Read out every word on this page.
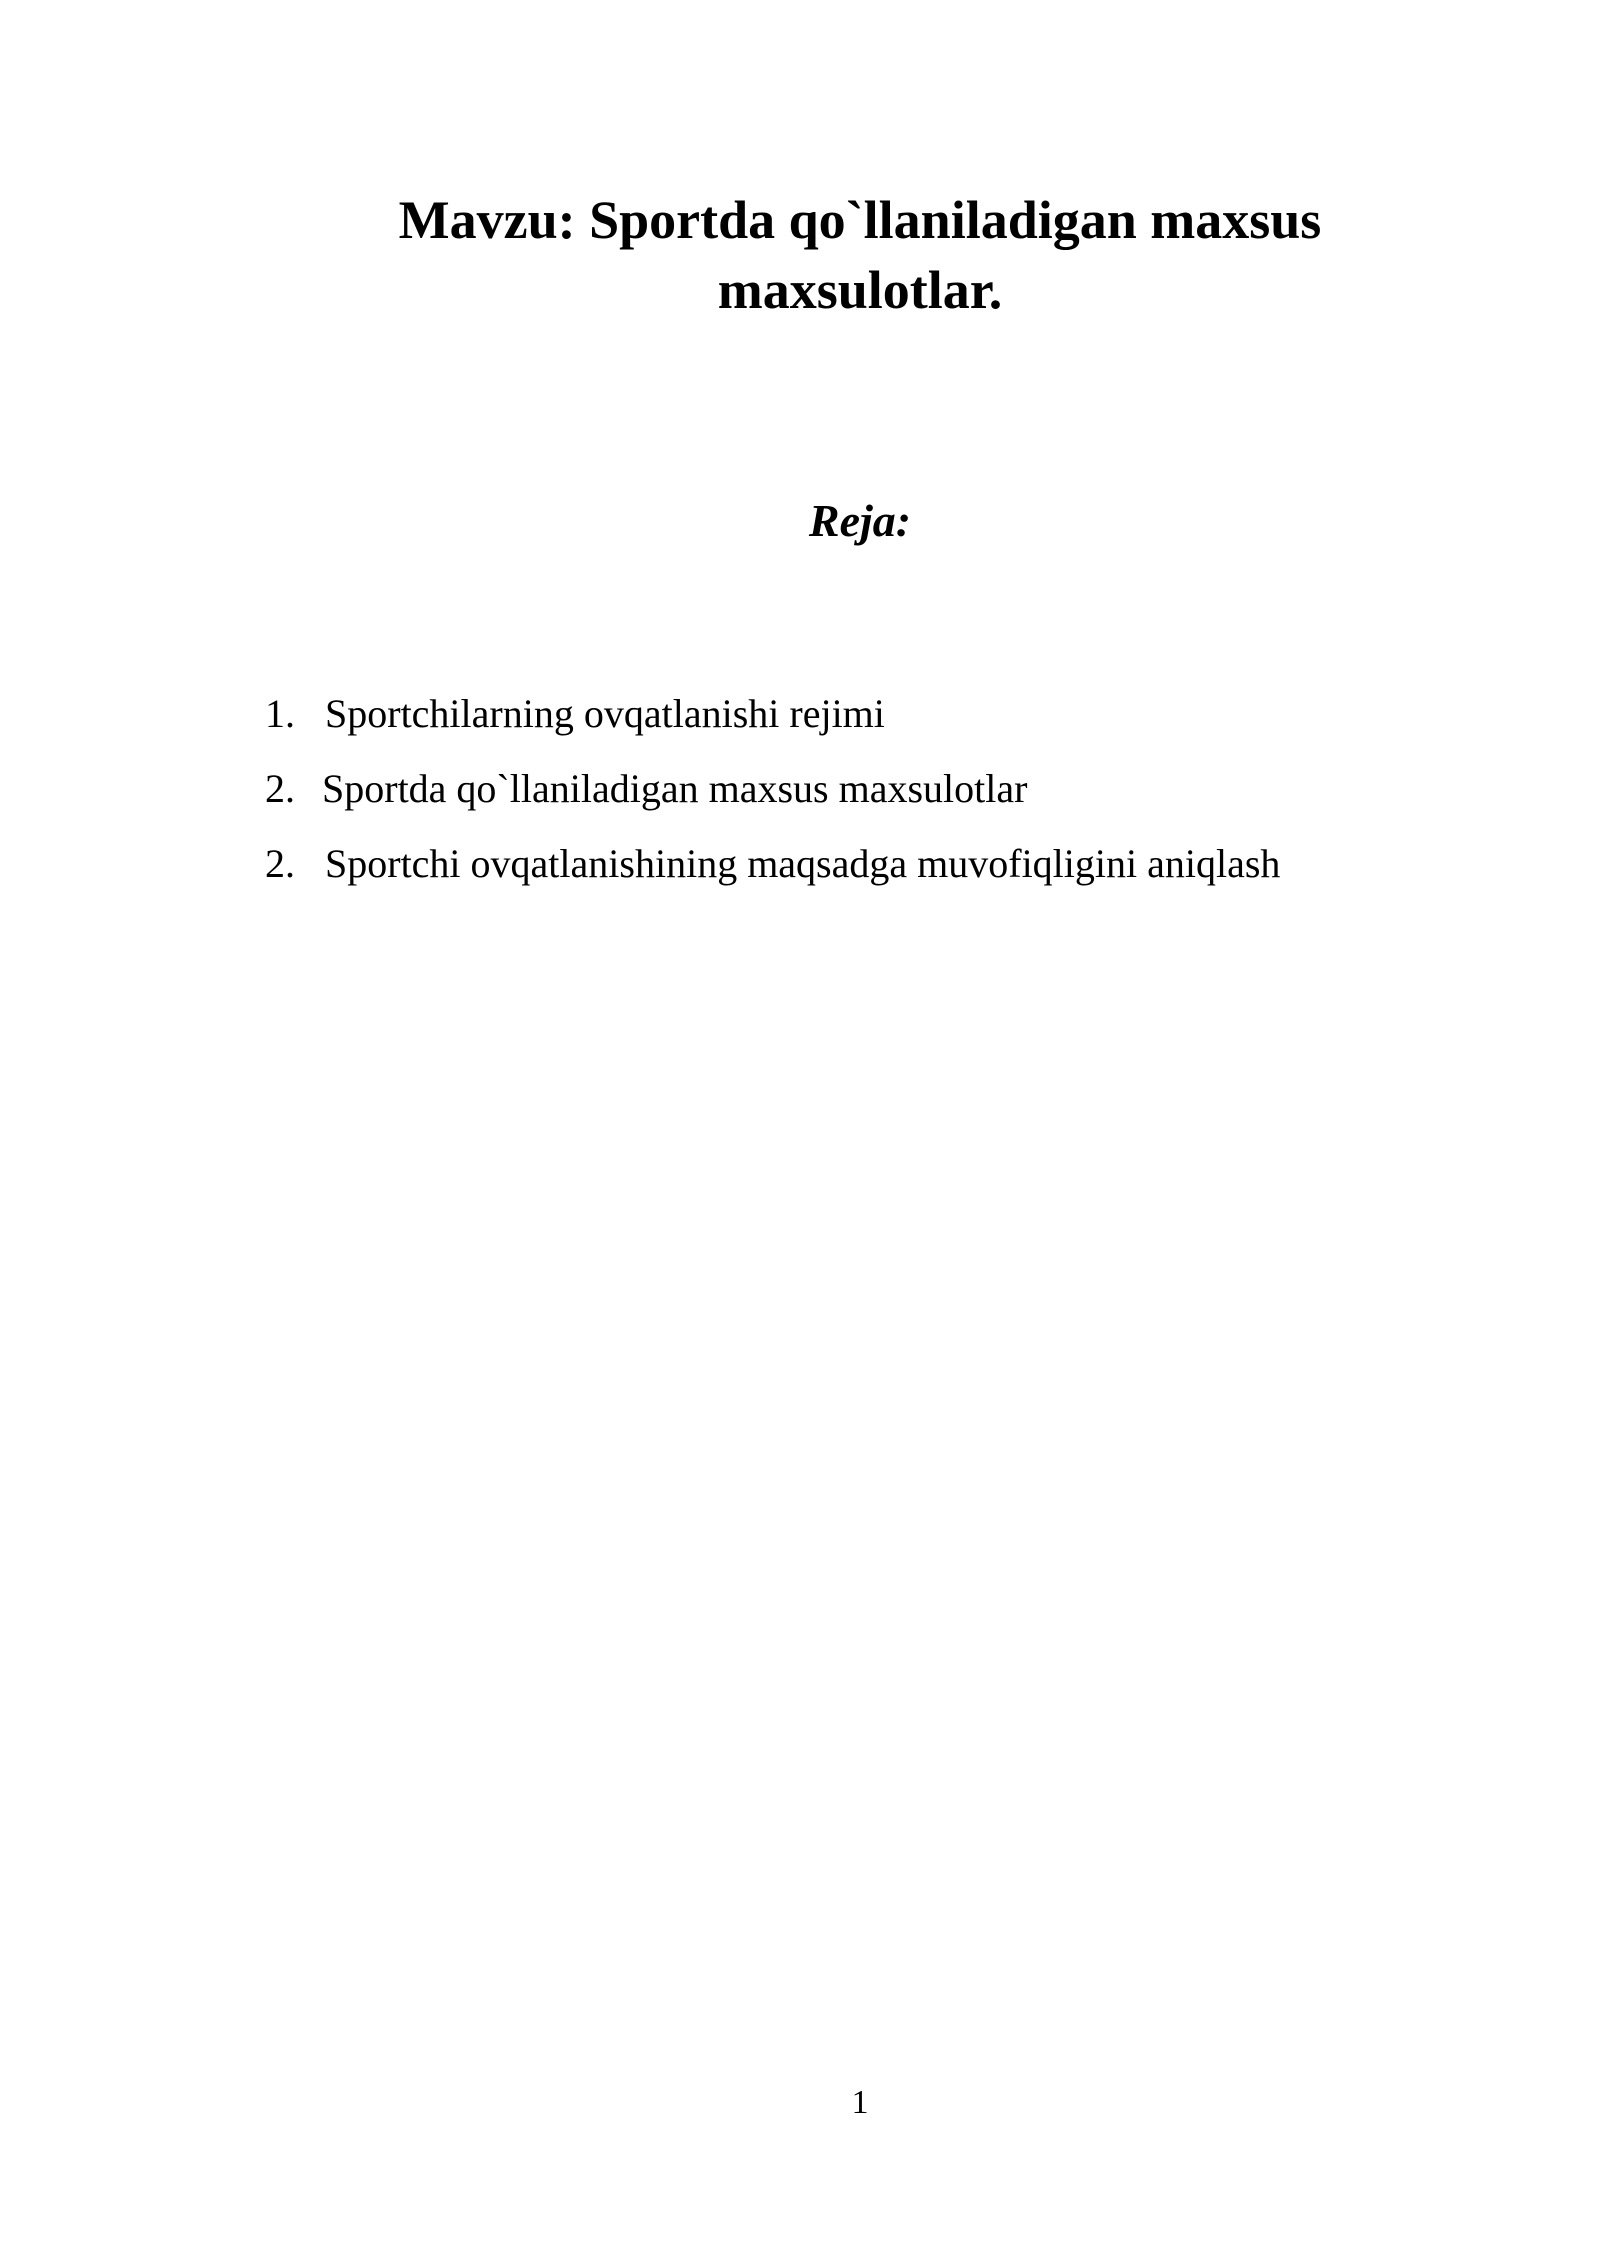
Mavzu: Sportda qo`llaniladigan maxsus
maxsulotlar.
Reja:
1. Sportchilarning ovqatlanishi rejimi
2. Sportda qo`llaniladigan maxsus maxsulotlar
2. Sportchi ovqatlanishining maqsadga muvofiqligini aniqlash
1
